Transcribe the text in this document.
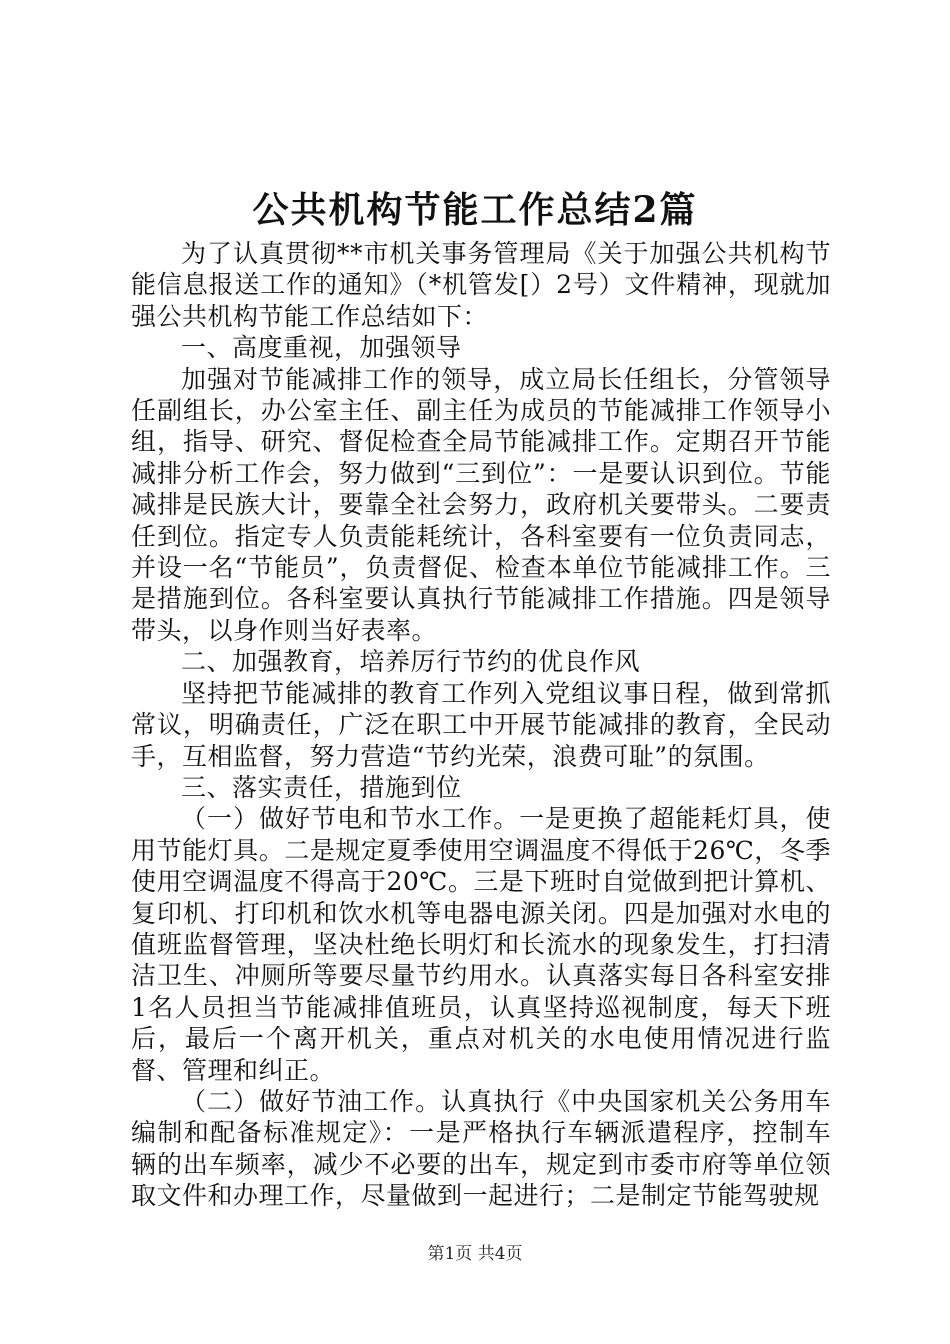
公共机构节能工作总结2篇

为了认真贯彻**市机关事务管理局《关于加强公共机构节能信息报送工作的通知》（*机管发[）2号）文件精神，现就加强公共机构节能工作总结如下：

一、高度重视，加强领导

加强对节能减排工作的领导，成立局长任组长，分管领导任副组长，办公室主任、副主任为成员的节能减排工作领导小组，指导、研究、督促检查全局节能减排工作。定期召开节能减排分析工作会，努力做到“三到位”：一是要认识到位。节能减排是民族大计，要靠全社会努力，政府机关要带头。二要责任到位。指定专人负责能耗统计，各科室要有一位负责同志，并设一名“节能员”，负责督促、检查本单位节能减排工作。三是措施到位。各科室要认真执行节能减排工作措施。四是领导带头，以身作则当好表率。

二、加强教育，培养厉行节约的优良作风

坚持把节能减排的教育工作列入党组议事日程，做到常抓常议，明确责任，广泛在职工中开展节能减排的教育，全民动手，互相监督，努力营造“节约光荣，浪费可耻”的氛围。

三、落实责任，措施到位

（一）做好节电和节水工作。一是更换了超能耗灯具，使用节能灯具。二是规定夏季使用空调温度不得低于26℃，冬季使用空调温度不得高于20℃。三是下班时自觉做到把计算机、复印机、打印机和饮水机等电器电源关闭。四是加强对水电的值班监督管理，坚决杜绝长明灯和长流水的现象发生，打扫清洁卫生、冲厕所等要尽量节约用水。认真落实每日各科室安排1名人员担当节能减排值班员，认真坚持巡视制度，每天下班后，最后一个离开机关，重点对机关的水电使用情况进行监督、管理和纠正。

（二）做好节油工作。认真执行《中央国家机关公务用车编制和配备标准规定》：一是严格执行车辆派遣程序，控制车辆的出车频率，减少不必要的出车，规定到市委市府等单位领取文件和办理工作，尽量做到一起进行；二是制定节能驾驶规

第1页 共4页
